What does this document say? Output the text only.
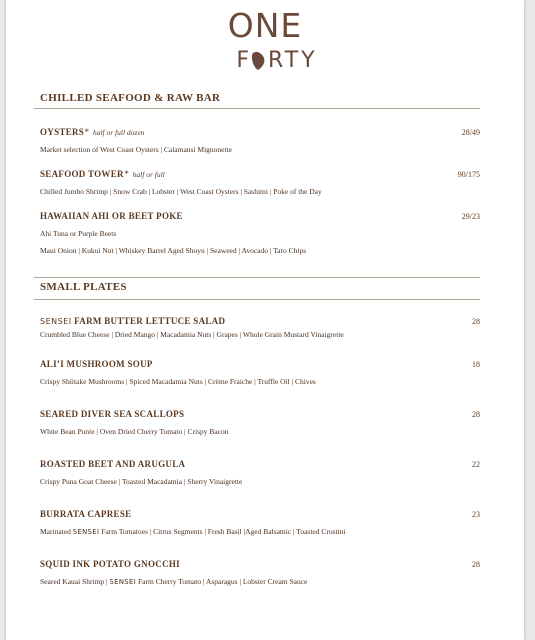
ONE
F RTY
CHILLED SEAFOOD & RAW BAR
OYSTERS* half or full dozen	28/49
Market selection of West Coast Oysters | Calamansi Mignonette
SEAFOOD TOWER* half or full	90/175
Chilled Jumbo Shrimp | Snow Crab | Lobster | West Coast Oysters | Sashimi | Poke of the Day
HAWAIIAN AHI OR BEET POKE	29/23
Ahi Tuna or Purple Beets
Maui Onion | Kukui Nut | Whiskey Barrel Aged Shoyu | Seaweed | Avocado | Taro Chips
SMALL PLATES
SENSEI FARM BUTTER LETTUCE SALAD	28
Crumbled Blue Cheese | Dried Mango | Macadamia Nuts | Grapes | Whole Grain Mustard Vinaigrette
ALI’I MUSHROOM SOUP	18
Crispy Shiitake Mushrooms | Spiced Macadamia Nuts | Crème Fraiche | Truffle Oil | Chives
SEARED DIVER SEA SCALLOPS	28
White Bean Purée | Oven Dried Cherry Tomato | Crispy Bacon
ROASTED BEET AND ARUGULA	22
Crispy Puna Goat Cheese | Toasted Macadamia | Sherry Vinaigrette
BURRATA CAPRESE	23
Marinated SENSEI Farm Tomatoes | Citrus Segments | Fresh Basil |Aged Balsamic | Toasted Crostini
SQUID INK POTATO GNOCCHI	28
Seared Kauai Shrimp | SENSEI Farm Cherry Tomato | Asparagus | Lobster Cream Sauce
